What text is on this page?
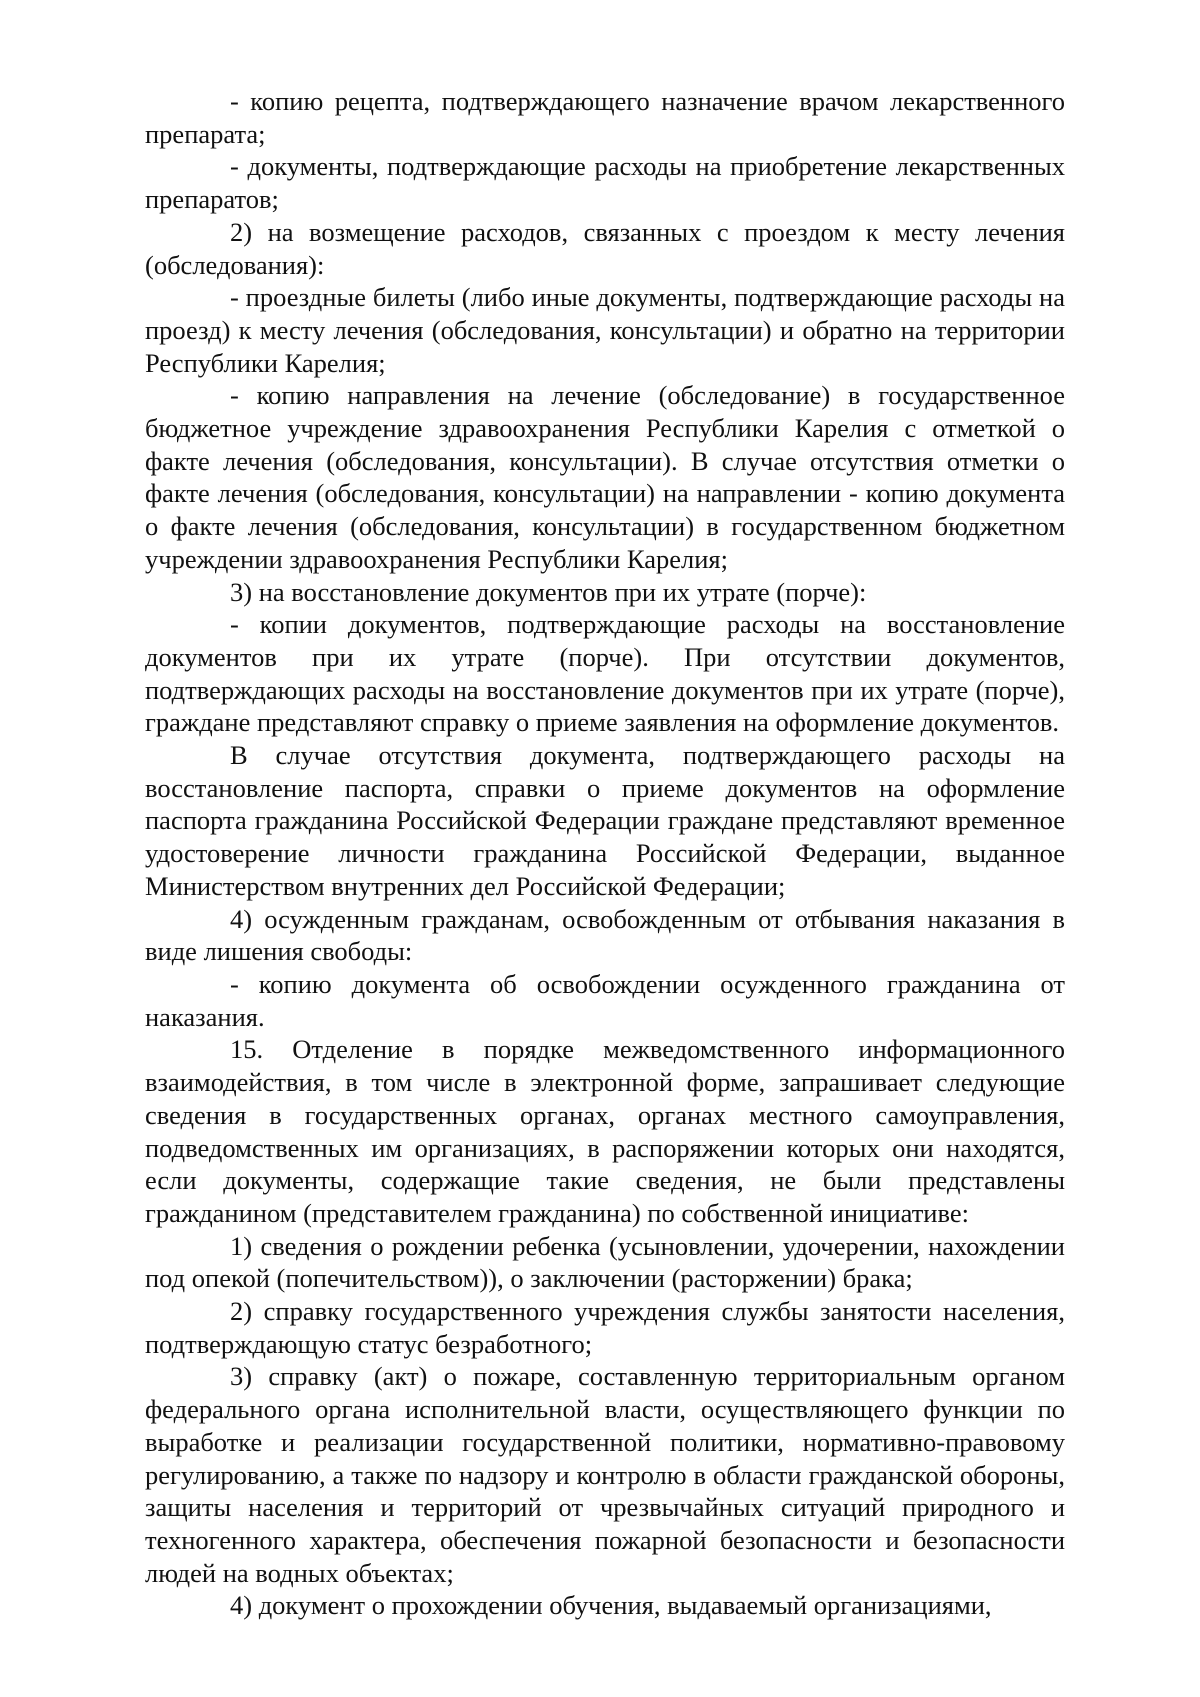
- копию рецепта, подтверждающего назначение врачом лекарственного препарата;

- документы, подтверждающие расходы на приобретение лекарственных препаратов;

2) на возмещение расходов, связанных с проездом к месту лечения (обследования):

- проездные билеты (либо иные документы, подтверждающие расходы на проезд) к месту лечения (обследования, консультации) и обратно на территории Республики Карелия;

- копию направления на лечение (обследование) в государственное бюджетное учреждение здравоохранения Республики Карелия с отметкой о факте лечения (обследования, консультации). В случае отсутствия отметки о факте лечения (обследования, консультации) на направлении - копию документа о факте лечения (обследования, консультации) в государственном бюджетном учреждении здравоохранения Республики Карелия;

3) на восстановление документов при их утрате (порче):

- копии документов, подтверждающие расходы на восстановление документов при их утрате (порче). При отсутствии документов, подтверждающих расходы на восстановление документов при их утрате (порче), граждане представляют справку о приеме заявления на оформление документов.

В случае отсутствия документа, подтверждающего расходы на восстановление паспорта, справки о приеме документов на оформление паспорта гражданина Российской Федерации граждане представляют временное удостоверение личности гражданина Российской Федерации, выданное Министерством внутренних дел Российской Федерации;

4) осужденным гражданам, освобожденным от отбывания наказания в виде лишения свободы:

- копию документа об освобождении осужденного гражданина от наказания.

15. Отделение в порядке межведомственного информационного взаимодействия, в том числе в электронной форме, запрашивает следующие сведения в государственных органах, органах местного самоуправления, подведомственных им организациях, в распоряжении которых они находятся, если документы, содержащие такие сведения, не были представлены гражданином (представителем гражданина) по собственной инициативе:

1) сведения о рождении ребенка (усыновлении, удочерении, нахождении под опекой (попечительством)), о заключении (расторжении) брака;

2) справку государственного учреждения службы занятости населения, подтверждающую статус безработного;

3) справку (акт) о пожаре, составленную территориальным органом федерального органа исполнительной власти, осуществляющего функции по выработке и реализации государственной политики, нормативно-правовому регулированию, а также по надзору и контролю в области гражданской обороны, защиты населения и территорий от чрезвычайных ситуаций природного и техногенного характера, обеспечения пожарной безопасности и безопасности людей на водных объектах;

4) документ о прохождении обучения, выдаваемый организациями,
